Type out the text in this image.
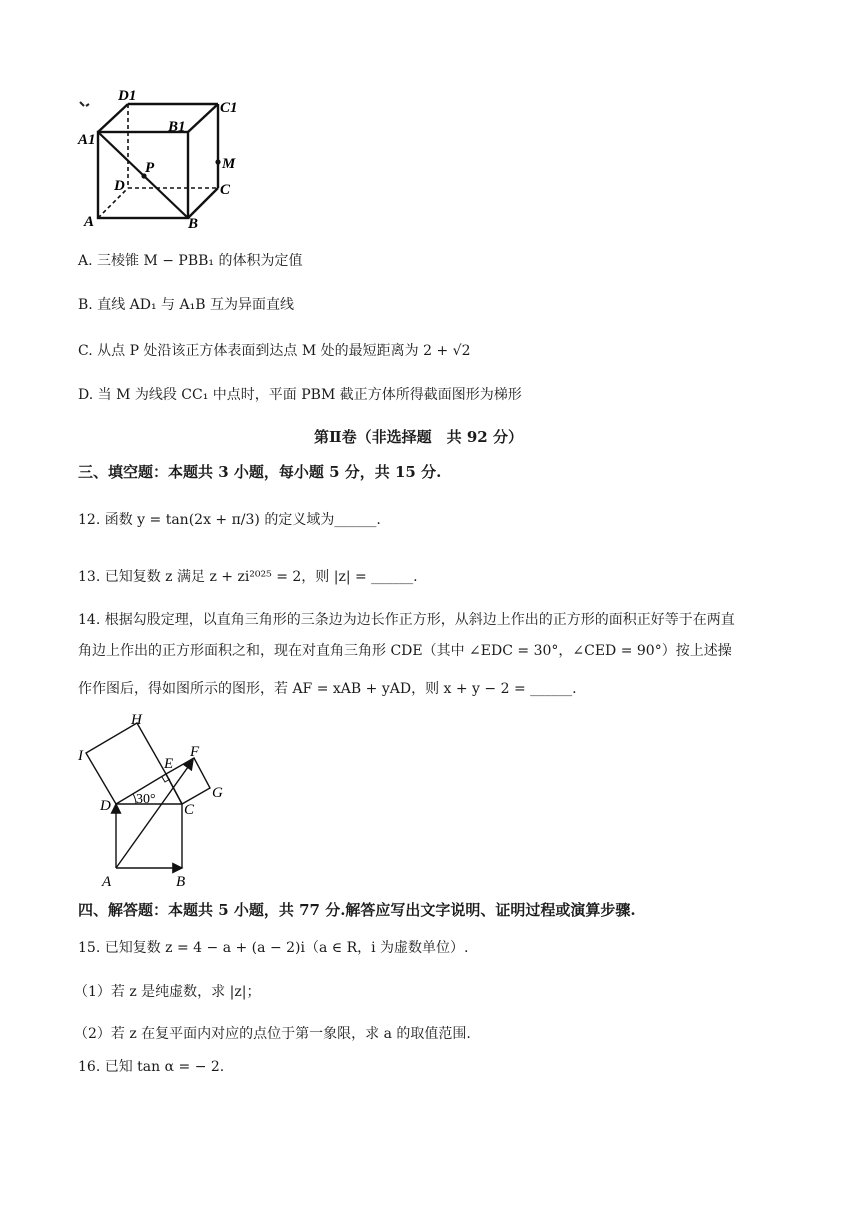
D1
C1
A1
B1
P	M
D	C
A	B
A. 三棱锥 M − PBB₁ 的体积为定值
B. 直线 AD₁ 与 A₁B 互为异面直线
C. 从点 P 处沿该正方体表面到达点 M 处的最短距离为 2 + √2
D. 当 M 为线段 CC₁ 中点时，平面 PBM 截正方体所得截面图形为梯形
第Ⅱ卷（非选择题　共 92 分）
三、填空题：本题共 3 小题，每小题 5 分，共 15 分.
12. 函数 y = tan(2x + π/3) 的定义域为______.
13. 已知复数 z 满足 z + zi²⁰²⁵ = 2，则 |z| = ______.
14. 根据勾股定理，以直角三角形的三条边为边长作正方形，从斜边上作出的正方形的面积正好等于在两直
角边上作出的正方形面积之和，现在对直角三角形 CDE（其中 ∠EDC = 30°，∠CED = 90°）按上述操
作作图后，得如图所示的图形，若 AF = xAB + yAD，则 x + y − 2 = ______.
H
I	E
F
G
D	C
A	B
30°
四、解答题：本题共 5 小题，共 77 分.解答应写出文字说明、证明过程或演算步骤.
15. 已知复数 z = 4 − a + (a − 2)i（a ∈ R，i 为虚数单位）.
（1）若 z 是纯虚数，求 |z|；
（2）若 z 在复平面内对应的点位于第一象限，求 a 的取值范围.
16. 已知 tan α = − 2.
